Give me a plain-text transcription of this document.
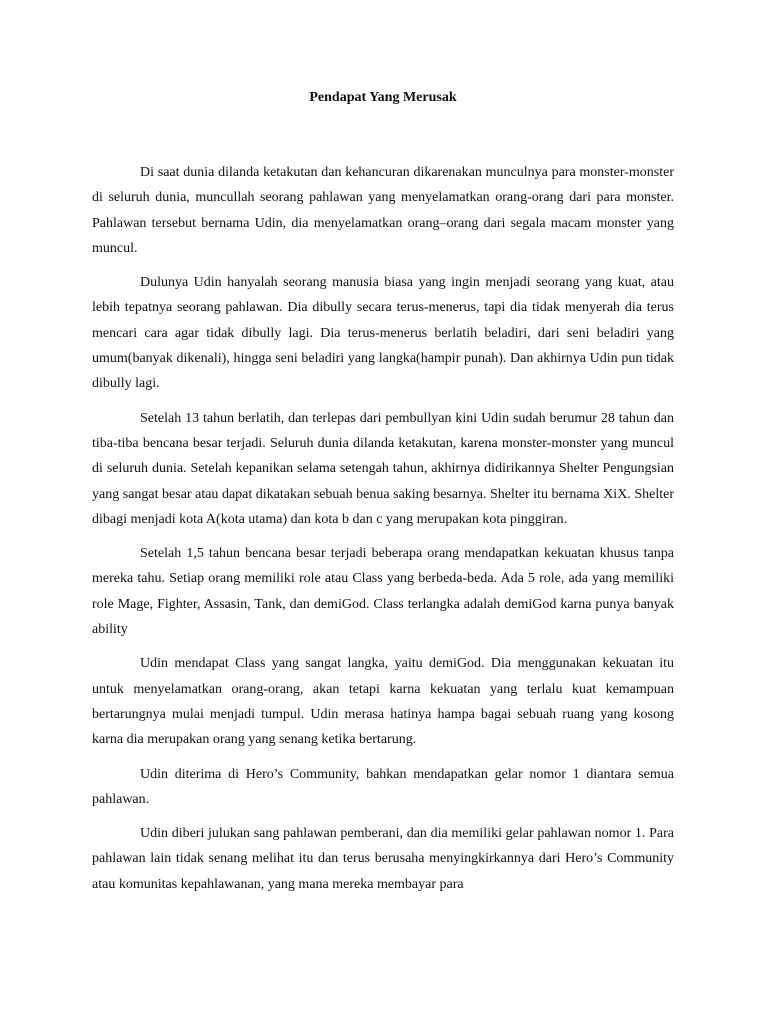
Pendapat Yang Merusak

Di saat dunia dilanda ketakutan dan kehancuran dikarenakan munculnya para monster-monster di seluruh dunia, muncullah seorang pahlawan yang menyelamatkan orang-orang dari para monster. Pahlawan tersebut bernama Udin, dia menyelamatkan orang–orang dari segala macam monster yang muncul.

Dulunya Udin hanyalah seorang manusia biasa yang ingin menjadi seorang yang kuat, atau lebih tepatnya seorang pahlawan. Dia dibully secara terus-menerus, tapi dia tidak menyerah dia terus mencari cara agar tidak dibully lagi. Dia terus-menerus berlatih beladiri, dari seni beladiri yang umum(banyak dikenali), hingga seni beladiri yang langka(hampir punah). Dan akhirnya Udin pun tidak dibully lagi.

Setelah 13 tahun berlatih, dan terlepas dari pembullyan kini Udin sudah berumur 28 tahun dan tiba-tiba bencana besar terjadi. Seluruh dunia dilanda ketakutan, karena monster-monster yang muncul di seluruh dunia. Setelah kepanikan selama setengah tahun, akhirnya didirikannya Shelter Pengungsian yang sangat besar atau dapat dikatakan sebuah benua saking besarnya. Shelter itu bernama XiX. Shelter dibagi menjadi kota A(kota utama) dan kota b dan c yang merupakan kota pinggiran.

Setelah 1,5 tahun bencana besar terjadi beberapa orang mendapatkan kekuatan khusus tanpa mereka tahu. Setiap orang memiliki role atau Class yang berbeda-beda. Ada 5 role, ada yang memiliki role Mage, Fighter, Assasin, Tank, dan demiGod. Class terlangka adalah demiGod karna punya banyak ability

Udin mendapat Class yang sangat langka, yaitu demiGod. Dia menggunakan kekuatan itu untuk menyelamatkan orang-orang, akan tetapi karna kekuatan yang terlalu kuat kemampuan bertarungnya mulai menjadi tumpul. Udin merasa hatinya hampa bagai sebuah ruang yang kosong karna dia merupakan orang yang senang ketika bertarung.

Udin diterima di Hero’s Community, bahkan mendapatkan gelar nomor 1 diantara semua pahlawan.

Udin diberi julukan sang pahlawan pemberani, dan dia memiliki gelar pahlawan nomor 1. Para pahlawan lain tidak senang melihat itu dan terus berusaha menyingkirkannya dari Hero’s Community atau komunitas kepahlawanan, yang mana mereka membayar para
